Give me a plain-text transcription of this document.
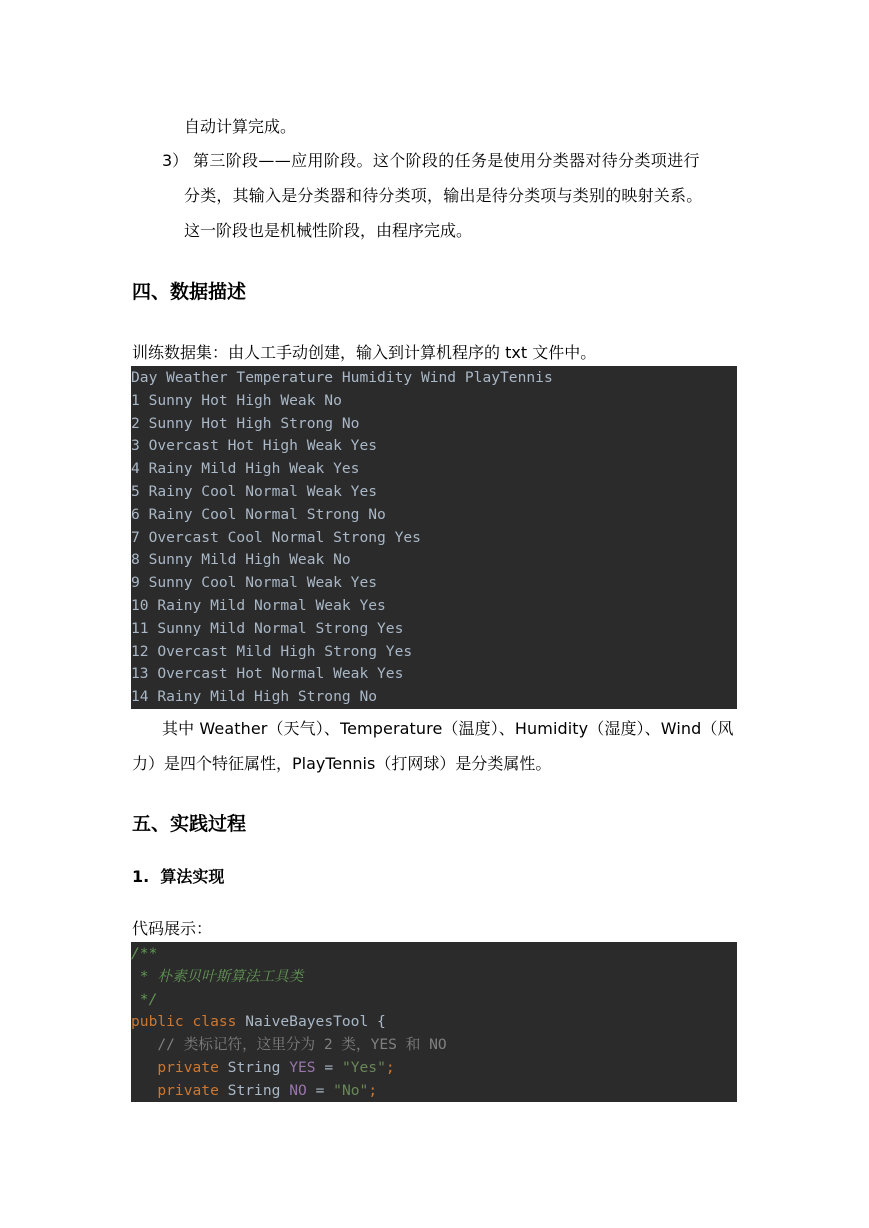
自动计算完成。
3） 第三阶段——应用阶段。这个阶段的任务是使用分类器对待分类项进行
分类，其输入是分类器和待分类项，输出是待分类项与类别的映射关系。
这一阶段也是机械性阶段，由程序完成。
四、数据描述
训练数据集：由人工手动创建，输入到计算机程序的 txt 文件中。
Day Weather Temperature Humidity Wind PlayTennis
1 Sunny Hot High Weak No
2 Sunny Hot High Strong No
3 Overcast Hot High Weak Yes
4 Rainy Mild High Weak Yes
5 Rainy Cool Normal Weak Yes
6 Rainy Cool Normal Strong No
7 Overcast Cool Normal Strong Yes
8 Sunny Mild High Weak No
9 Sunny Cool Normal Weak Yes
10 Rainy Mild Normal Weak Yes
11 Sunny Mild Normal Strong Yes
12 Overcast Mild High Strong Yes
13 Overcast Hot Normal Weak Yes
14 Rainy Mild High Strong No
其中 Weather（天气）、Temperature（温度）、Humidity（湿度）、Wind（风
力）是四个特征属性，PlayTennis（打网球）是分类属性。
五、实践过程
1.  算法实现
代码展示：
/**
* 朴素贝叶斯算法工具类
*/
public class NaiveBayesTool {
// 类标记符，这里分为 2 类，YES 和 NO
private String YES = "Yes";
private String NO = "No";
